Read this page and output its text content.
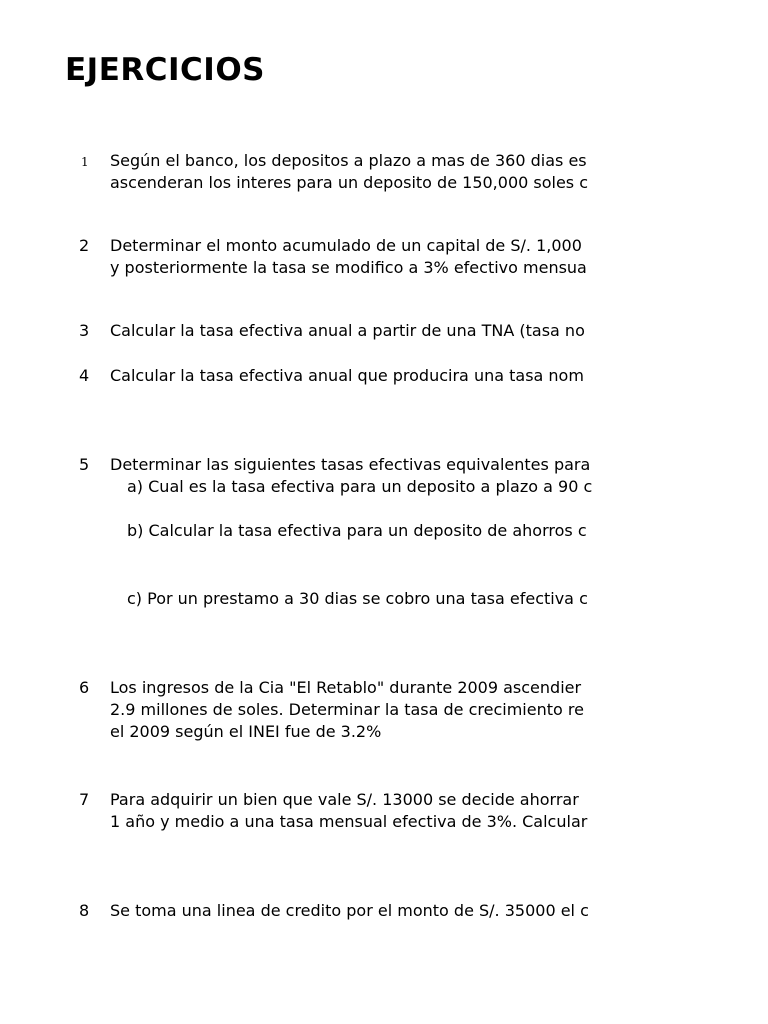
EJERCICIOS
1 Según el banco, los depositos a plazo a mas de 360 dias es
ascenderan los interes para un deposito de 150,000 soles c
2 Determinar el monto acumulado de un capital de S/. 1,000
y posteriormente la tasa se modifico a 3% efectivo mensua
3 Calcular la tasa efectiva anual a partir de una TNA (tasa no
4 Calcular la tasa efectiva anual que producira una tasa nom
5 Determinar las siguientes tasas efectivas equivalentes para
a) Cual es la tasa efectiva para un deposito a plazo a 90 c
b) Calcular la tasa efectiva para un deposito de ahorros c
c) Por un prestamo a 30 dias se cobro una tasa efectiva c
6 Los ingresos de la Cia "El Retablo" durante 2009 ascendier
2.9 millones de soles. Determinar la tasa de crecimiento re
el 2009 según el INEI fue de 3.2%
7 Para adquirir un bien que vale S/. 13000 se decide ahorrar
1 año y medio a una tasa mensual efectiva de 3%. Calcular
8 Se toma una linea de credito por el monto de S/. 35000 el c
